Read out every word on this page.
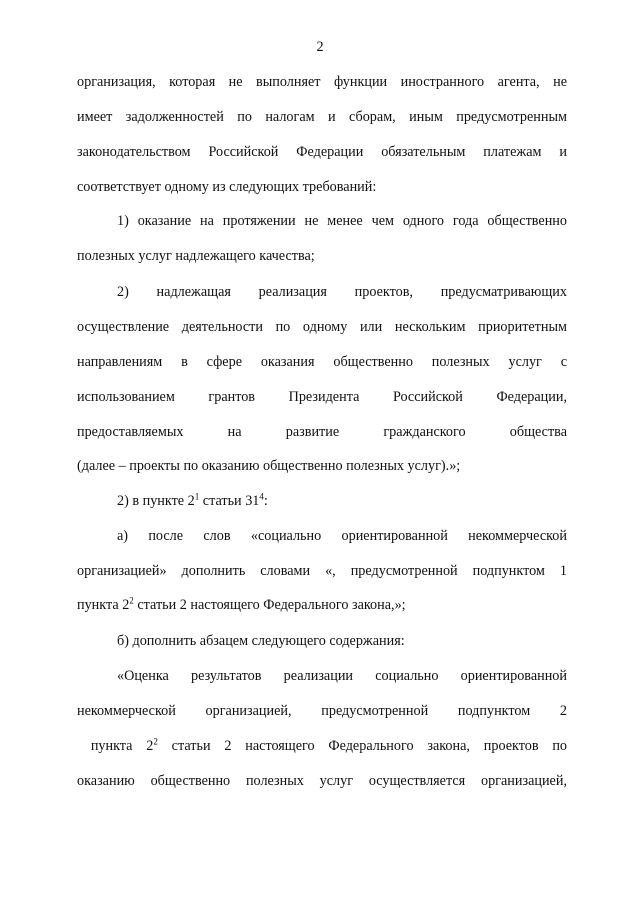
2
организация, которая не выполняет функции иностранного агента, не
имеет задолженностей по налогам и сборам, иным предусмотренным
законодательством Российской Федерации обязательным платежам и
соответствует одному из следующих требований:
1) оказание на протяжении не менее чем одного года общественно
полезных услуг надлежащего качества;
2) надлежащая реализация проектов, предусматривающих
осуществление деятельности по одному или нескольким приоритетным
направлениям в сфере оказания общественно полезных услуг с
использованием грантов Президента Российской Федерации,
предоставляемых на развитие гражданского общества
(далее – проекты по оказанию общественно полезных услуг).»;
2) в пункте $2^1$ статьи $31^4$:
а) после слов «социально ориентированной некоммерческой
организацией» дополнить словами «, предусмотренной подпунктом 1
пункта $2^2$ статьи 2 настоящего Федерального закона,»;
б) дополнить абзацем следующего содержания:
«Оценка результатов реализации социально ориентированной
некоммерческой организацией, предусмотренной подпунктом 2
пункта $2^2$ статьи 2 настоящего Федерального закона, проектов по
оказанию общественно полезных услуг осуществляется организацией,
